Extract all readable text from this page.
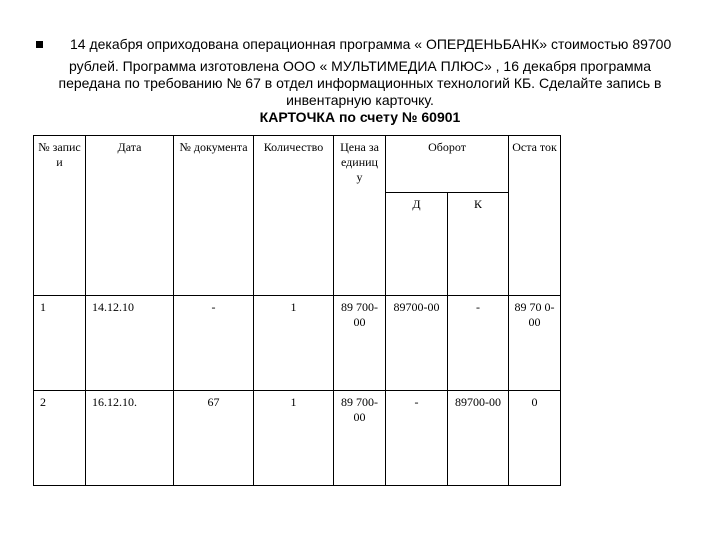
14 декабря оприходована операционная программа « ОПЕРДЕНЬБАНК» стоимостью 89700
рублей. Программа изготовлена ООО « МУЛЬТИМЕДИА ПЛЮС» , 16 декабря программа
передана по требованию № 67 в отдел информационных технологий КБ. Сделайте запись в
инвентарную карточку.
КАРТОЧКА по счету № 60901
№ запис и	Дата	№ документа	Количество	Цена за единиц у	Оборот		Оста ток
					Д	К	
1	14.12.10	-	1	89 700-00	89700-00	-	89 70 0-00
2	16.12.10.	67	1	89 700-00	-	89700-00	0
